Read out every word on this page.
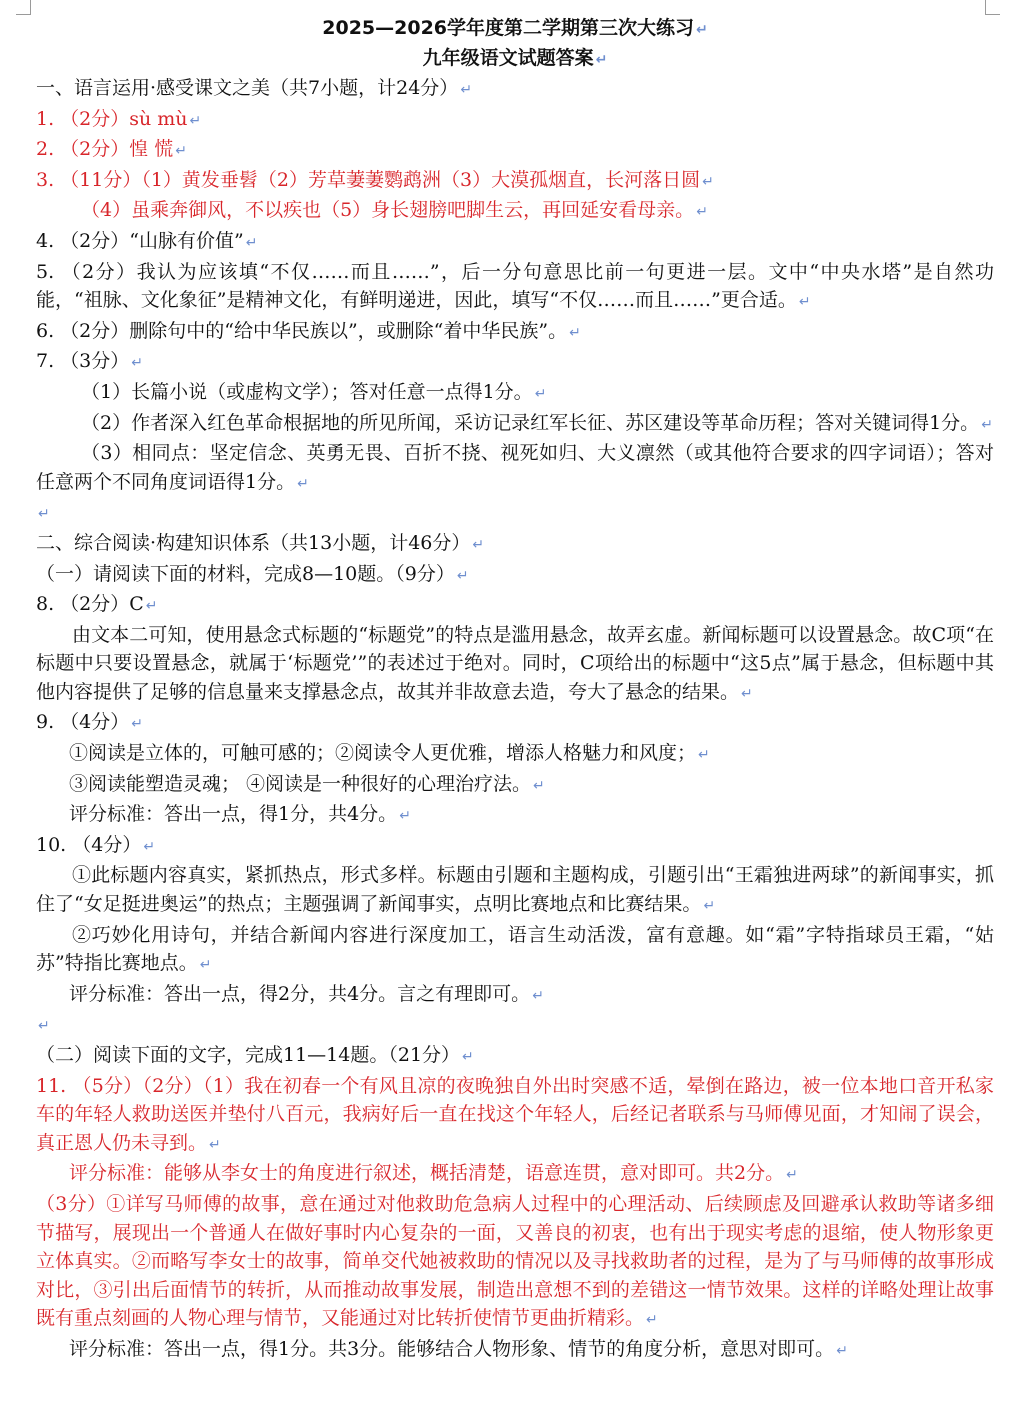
2025—2026学年度第二学期第三次大练习 ↵
九年级语文试题答案 ↵
一、语言运用·感受课文之美（共7小题，计24分） ↵
1. （2分）sù mù ↵
2. （2分）惶 慌 ↵
3. （11分）（1）黄发垂髫（2）芳草萋萋鹦鹉洲（3）大漠孤烟直，长河落日圆 ↵
（4）虽乘奔御风，不以疾也（5）身长翅膀吧脚生云，再回延安看母亲。 ↵
4. （2分）“山脉有价值” ↵
5. （2分）我认为应该填“不仅……而且……”，后一分句意思比前一句更进一层。文中“中央水塔”是自然功能，“祖脉、文化象征”是精神文化，有鲜明递进，因此，填写“不仅……而且……”更合适。 ↵
6. （2分）删除句中的“给中华民族以”，或删除“着中华民族”。 ↵
7. （3分） ↵
（1）长篇小说（或虚构文学）；答对任意一点得1分。 ↵
（2）作者深入红色革命根据地的所见所闻，采访记录红军长征、苏区建设等革命历程；答对关键词得1分。 ↵
（3）相同点：坚定信念、英勇无畏、百折不挠、视死如归、大义凛然（或其他符合要求的四字词语）；答对任意两个不同角度词语得1分。 ↵
↵
二、综合阅读·构建知识体系（共13小题，计46分） ↵
（一）请阅读下面的材料，完成8—10题。（9分） ↵
8. （2分）C ↵
由文本二可知，使用悬念式标题的“标题党”的特点是滥用悬念，故弄玄虚。新闻标题可以设置悬念。故C项“在标题中只要设置悬念，就属于‘标题党’”的表述过于绝对。同时，C项给出的标题中“这5点”属于悬念，但标题中其他内容提供了足够的信息量来支撑悬念点，故其并非故意去造，夸大了悬念的结果。 ↵
9. （4分） ↵
①阅读是立体的，可触可感的；②阅读令人更优雅，增添人格魅力和风度； ↵
③阅读能塑造灵魂； ④阅读是一种很好的心理治疗法。 ↵
评分标准：答出一点，得1分，共4分。 ↵
10. （4分） ↵
①此标题内容真实，紧抓热点，形式多样。标题由引题和主题构成，引题引出“王霜独进两球”的新闻事实，抓住了“女足挺进奥运”的热点；主题强调了新闻事实，点明比赛地点和比赛结果。 ↵
②巧妙化用诗句，并结合新闻内容进行深度加工，语言生动活泼，富有意趣。如“霜”字特指球员王霜，“姑苏”特指比赛地点。 ↵
评分标准：答出一点，得2分，共4分。言之有理即可。 ↵
↵
（二）阅读下面的文字，完成11—14题。（21分） ↵
11. （5分）（2分）（1）我在初春一个有风且凉的夜晚独自外出时突感不适，晕倒在路边，被一位本地口音开私家车的年轻人救助送医并垫付八百元，我病好后一直在找这个年轻人，后经记者联系与马师傅见面，才知闹了误会，真正恩人仍未寻到。 ↵
评分标准：能够从李女士的角度进行叙述，概括清楚，语意连贯，意对即可。共2分。 ↵
（3分）①详写马师傅的故事，意在通过对他救助危急病人过程中的心理活动、后续顾虑及回避承认救助等诸多细节描写，展现出一个普通人在做好事时内心复杂的一面，又善良的初衷，也有出于现实考虑的退缩，使人物形象更立体真实。②而略写李女士的故事，简单交代她被救助的情况以及寻找救助者的过程，是为了与马师傅的故事形成对比，③引出后面情节的转折，从而推动故事发展，制造出意想不到的差错这一情节效果。这样的详略处理让故事既有重点刻画的人物心理与情节，又能通过对比转折使情节更曲折精彩。 ↵
评分标准：答出一点，得1分。共3分。能够结合人物形象、情节的角度分析，意思对即可。 ↵
